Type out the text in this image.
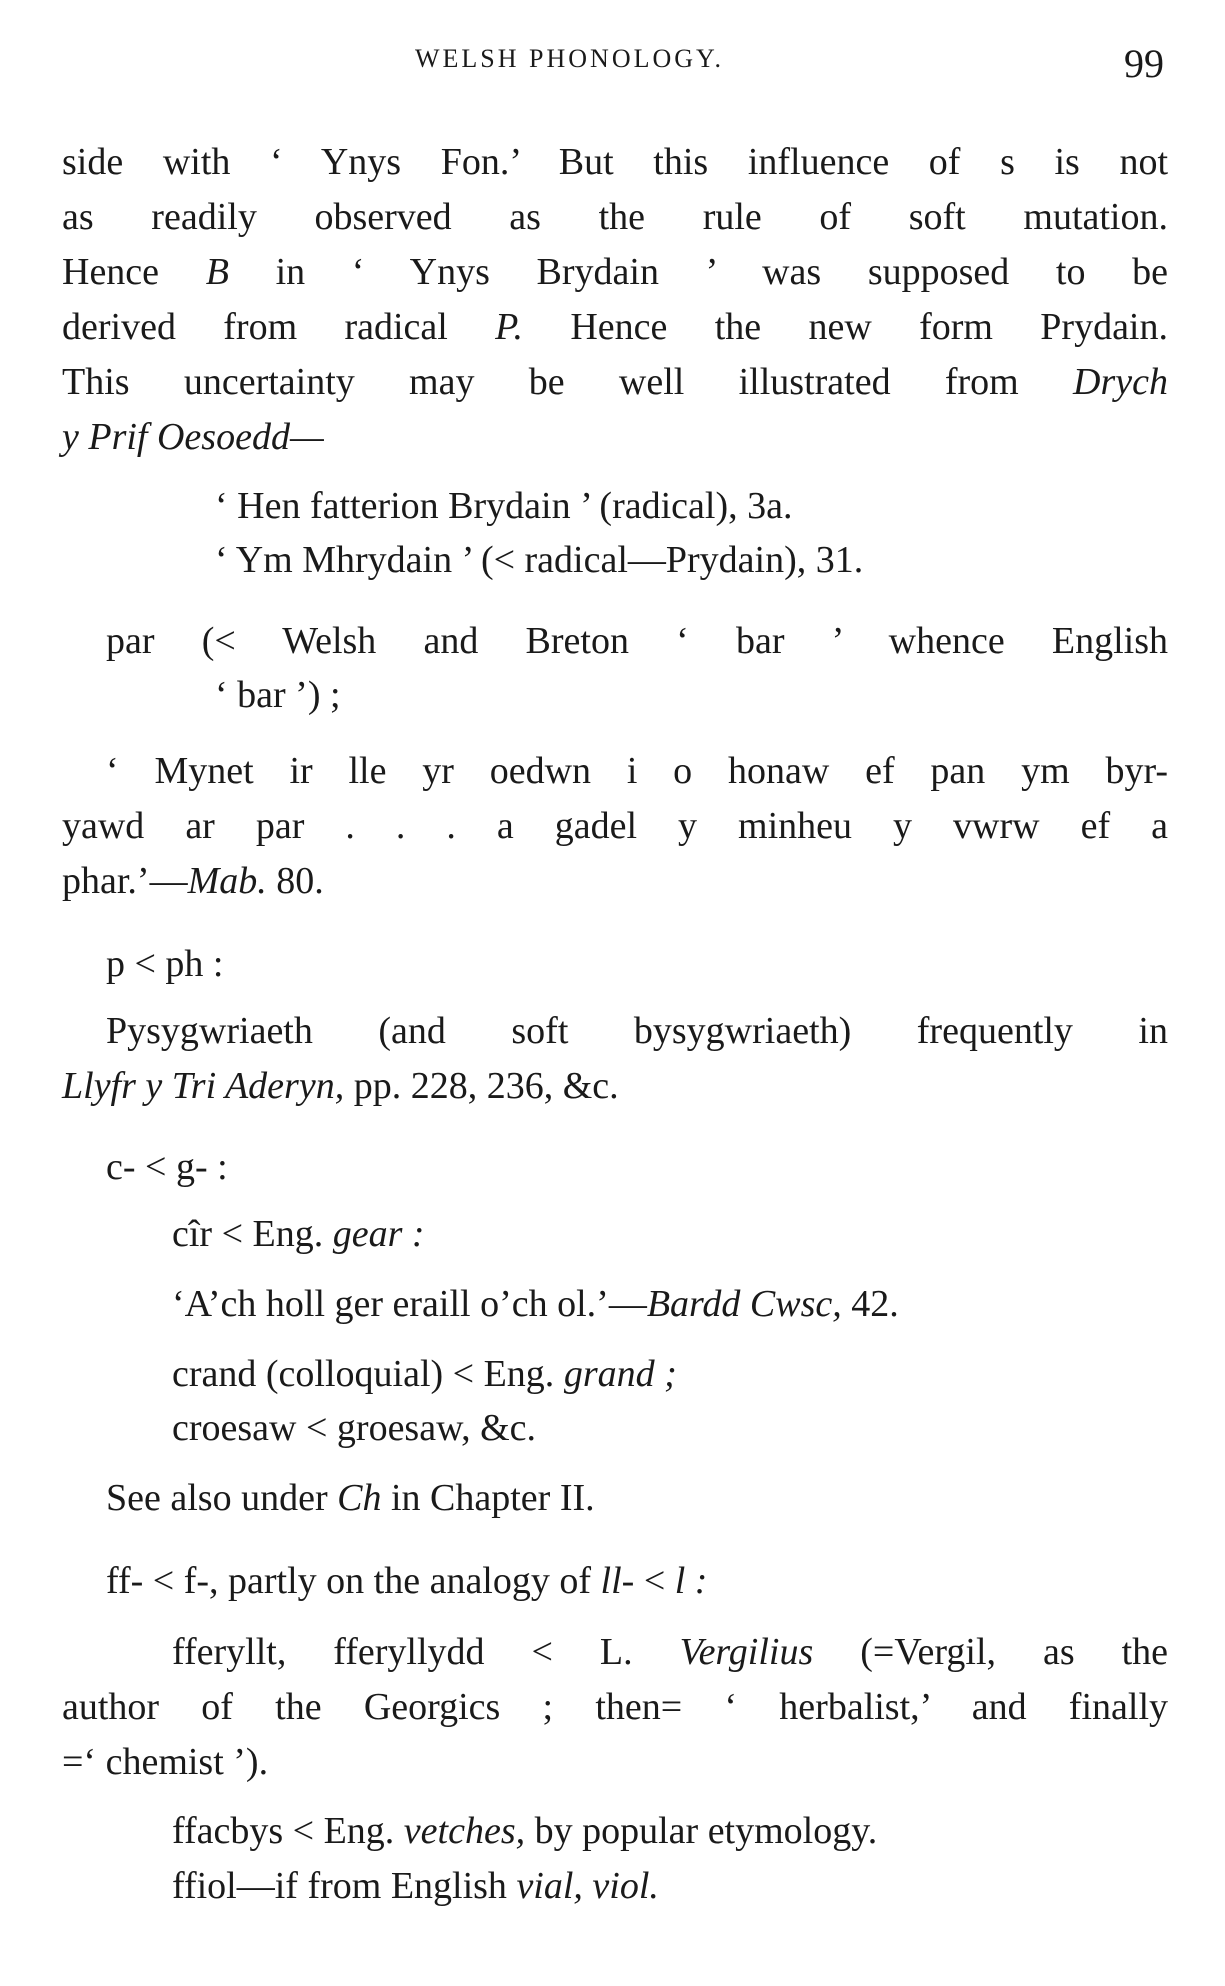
WELSH PHONOLOGY.	99
side with ‘ Ynys Fon.’ But this influence of s is not
as readily observed as the rule of soft mutation.
Hence B in ‘ Ynys Brydain ’ was supposed to be
derived from radical P. Hence the new form Prydain.
This uncertainty may be well illustrated from Drych
y Prif Oesoedd—
‘ Hen fatterion Brydain ’ (radical), 3a.
‘ Ym Mhrydain ’ (< radical—Prydain), 31.
par (< Welsh and Breton ‘ bar ’ whence English
‘ bar ’) ;
‘ Mynet ir lle yr oedwn i o honaw ef pan ym byr-
yawd ar par . . . a gadel y minheu y vwrw ef a
phar.’—Mab. 80.
p < ph :
Pysygwriaeth (and soft bysygwriaeth) frequently in
Llyfr y Tri Aderyn, pp. 228, 236, &c.
c- < g- :
cîr < Eng. gear :
‘A’ch holl ger eraill o’ch ol.’—Bardd Cwsc, 42.
crand (colloquial) < Eng. grand ;
croesaw < groesaw, &c.
See also under Ch in Chapter II.
ff- < f-, partly on the analogy of ll- < l :
fferyllt, fferyllydd < L. Vergilius (=Vergil, as the
author of the Georgics ; then= ‘ herbalist,’ and finally
=‘ chemist ’).
ffacbys < Eng. vetches, by popular etymology.
ffiol—if from English vial, viol.
